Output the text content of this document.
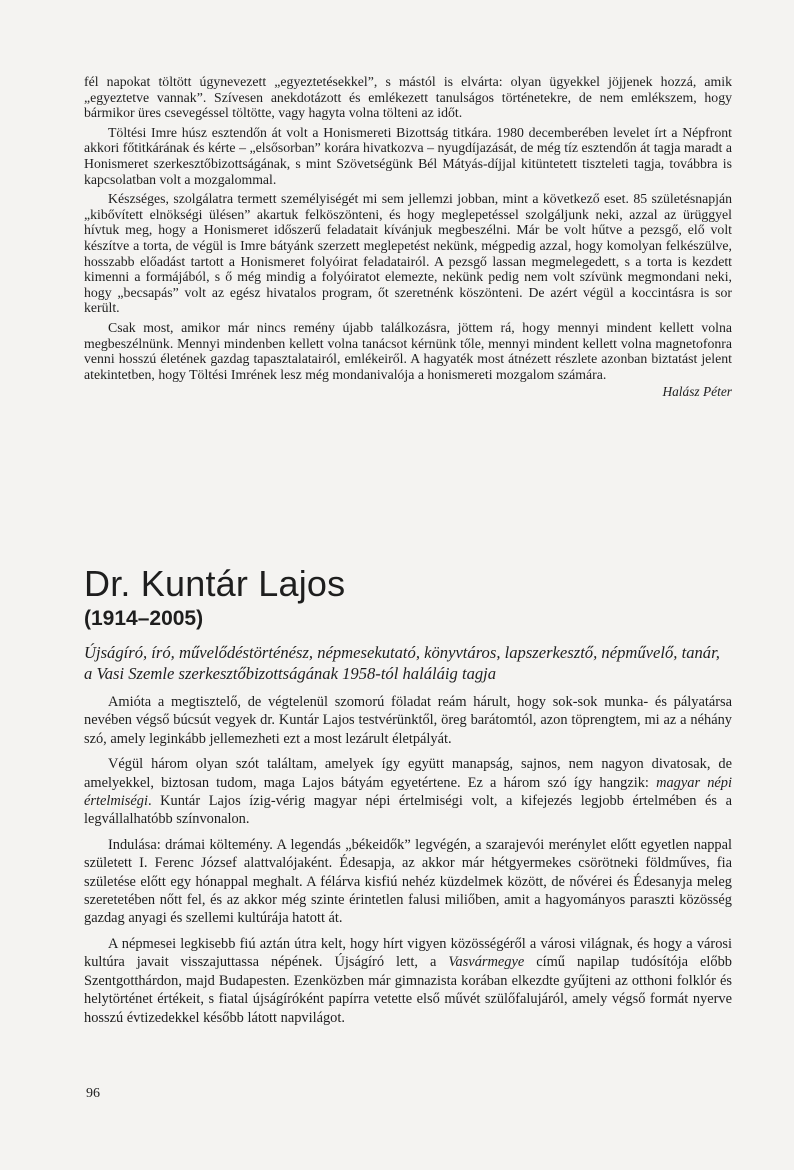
fél napokat töltött úgynevezett „egyeztetésekkel”, s mástól is elvárta: olyan ügyekkel jöjjenek hozzá, amik „egyeztetve vannak”. Szívesen anekdotázott és emlékezett tanulságos történetekre, de nem emlékszem, hogy bármikor üres csevegéssel töltötte, vagy hagyta volna tölteni az időt.

Töltési Imre húsz esztendőn át volt a Honismereti Bizottság titkára. 1980 decemberében levelet írt a Népfront akkori főtitkárának és kérte – „elsősorban” korára hivatkozva – nyugdíjazását, de még tíz esztendőn át tagja maradt a Honismeret szerkesztőbizottságának, s mint Szövetségünk Bél Mátyás-díjjal kitüntetett tiszteleti tagja, továbbra is kapcsolatban volt a mozgalommal.

Készséges, szolgálatra termett személyiségét mi sem jellemzi jobban, mint a következő eset. 85 születésnapján „kibővített elnökségi ülésen” akartuk felköszönteni, és hogy meglepetéssel szolgáljunk neki, azzal az ürüggyel hívtuk meg, hogy a Honismeret időszerű feladatait kívánjuk megbeszélni. Már be volt hűtve a pezsgő, elő volt készítve a torta, de végül is Imre bátyánk szerzett meglepetést nekünk, mégpedig azzal, hogy komolyan felkészülve, hosszabb előadást tartott a Honismeret folyóirat feladatairól. A pezsgő lassan megmelegedett, s a torta is kezdett kimenni a formájából, s ő még mindig a folyóiratot elemezte, nekünk pedig nem volt szívünk megmondani neki, hogy „becsapás” volt az egész hivatalos program, őt szeretnénk köszönteni. De azért végül a koccintásra is sor került.

Csak most, amikor már nincs remény újabb találkozásra, jöttem rá, hogy mennyi mindent kellett volna megbeszélnünk. Mennyi mindenben kellett volna tanácsot kérnünk tőle, mennyi mindent kellett volna magnetofonra venni hosszú életének gazdag tapasztalatairól, emlékeiről. A hagyaték most átnézett részlete azonban biztatást jelent atekintetben, hogy Töltési Imrének lesz még mondanivalója a honismereti mozgalom számára.

Halász Péter
Dr. Kuntár Lajos
(1914–2005)

Újságíró, író, művelődéstörténész, népmesekutató, könyvtáros, lapszerkesztő, népművelő, tanár, a Vasi Szemle szerkesztőbizottságának 1958-tól haláláig tagja

Amióta a megtisztelő, de végtelenül szomorú föladat reám hárult, hogy sok-sok munka- és pályatársa nevében végső búcsút vegyek dr. Kuntár Lajos testvérünktől, öreg barátomtól, azon töprengtem, mi az a néhány szó, amely leginkább jellemezheti ezt a most lezárult életpályát.

Végül három olyan szót találtam, amelyek így együtt manapság, sajnos, nem nagyon divatosak, de amelyekkel, biztosan tudom, maga Lajos bátyám egyetértene. Ez a három szó így hangzik: magyar népi értelmiségi. Kuntár Lajos ízig-vérig magyar népi értelmiségi volt, a kifejezés legjobb értelmében és a legvállalhatóbb színvonalon.

Indulása: drámai költemény. A legendás „békeidők” legvégén, a szarajevói merénylet előtt egyetlen nappal született I. Ferenc József alattvalójaként. Édesapja, az akkor már hétgyermekes csörötneki földműves, fia születése előtt egy hónappal meghalt. A félárva kisfiú nehéz küzdelmek között, de nővérei és Édesanyja meleg szeretetében nőtt fel, és az akkor még szinte érintetlen falusi miliőben, amit a hagyományos paraszti közösség gazdag anyagi és szellemi kultúrája hatott át.

A népmesei legkisebb fiú aztán útra kelt, hogy hírt vigyen közösségéről a városi világnak, és hogy a városi kultúra javait visszajuttassa népének. Újságíró lett, a Vasvármegye című napilap tudósítója előbb Szentgotthárdon, majd Budapesten. Ezenközben már gimnazista korában elkezdte gyűjteni az otthoni folklór és helytörténet értékeit, s fiatal újságíróként papírra vetette első művét szülőfalujáról, amely végső formát nyerve hosszú évtizedekkel később látott napvilágot.

96
